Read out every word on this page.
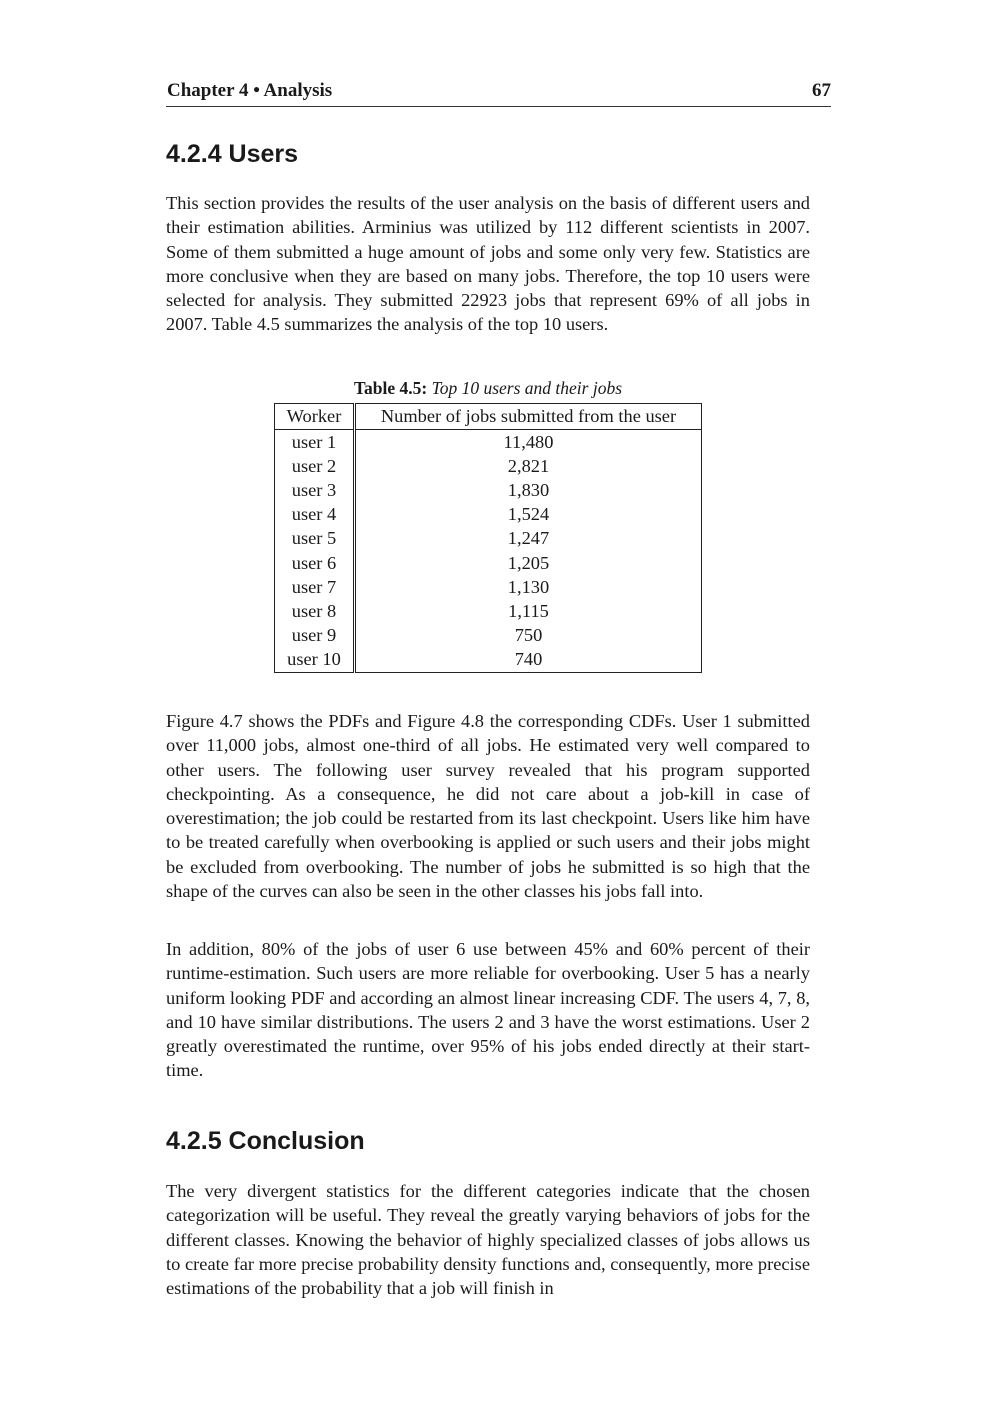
Chapter 4 • Analysis	67
4.2.4 Users

This section provides the results of the user analysis on the basis of different users and their estimation abilities. Arminius was utilized by 112 different scientists in 2007. Some of them submitted a huge amount of jobs and some only very few. Statistics are more conclusive when they are based on many jobs. Therefore, the top 10 users were selected for analysis. They submitted 22923 jobs that represent 69% of all jobs in 2007. Table 4.5 summarizes the analysis of the top 10 users.

Table 4.5: Top 10 users and their jobs
Worker	Number of jobs submitted from the user
user 1	11,480
user 2	2,821
user 3	1,830
user 4	1,524
user 5	1,247
user 6	1,205
user 7	1,130
user 8	1,115
user 9	750
user 10	740

Figure 4.7 shows the PDFs and Figure 4.8 the corresponding CDFs. User 1 submitted over 11,000 jobs, almost one-third of all jobs. He estimated very well compared to other users. The following user survey revealed that his program supported checkpointing. As a consequence, he did not care about a job-kill in case of overestimation; the job could be restarted from its last checkpoint. Users like him have to be treated carefully when overbooking is applied or such users and their jobs might be excluded from overbooking. The number of jobs he submitted is so high that the shape of the curves can also be seen in the other classes his jobs fall into.

In addition, 80% of the jobs of user 6 use between 45% and 60% percent of their runtime-estimation. Such users are more reliable for overbooking. User 5 has a nearly uniform looking PDF and according an almost linear increasing CDF. The users 4, 7, 8, and 10 have similar distributions. The users 2 and 3 have the worst estimations. User 2 greatly overestimated the runtime, over 95% of his jobs ended directly at their start-time.

4.2.5 Conclusion

The very divergent statistics for the different categories indicate that the chosen categorization will be useful. They reveal the greatly varying behaviors of jobs for the different classes. Knowing the behavior of highly specialized classes of jobs allows us to create far more precise probability density functions and, consequently, more precise estimations of the probability that a job will finish in
